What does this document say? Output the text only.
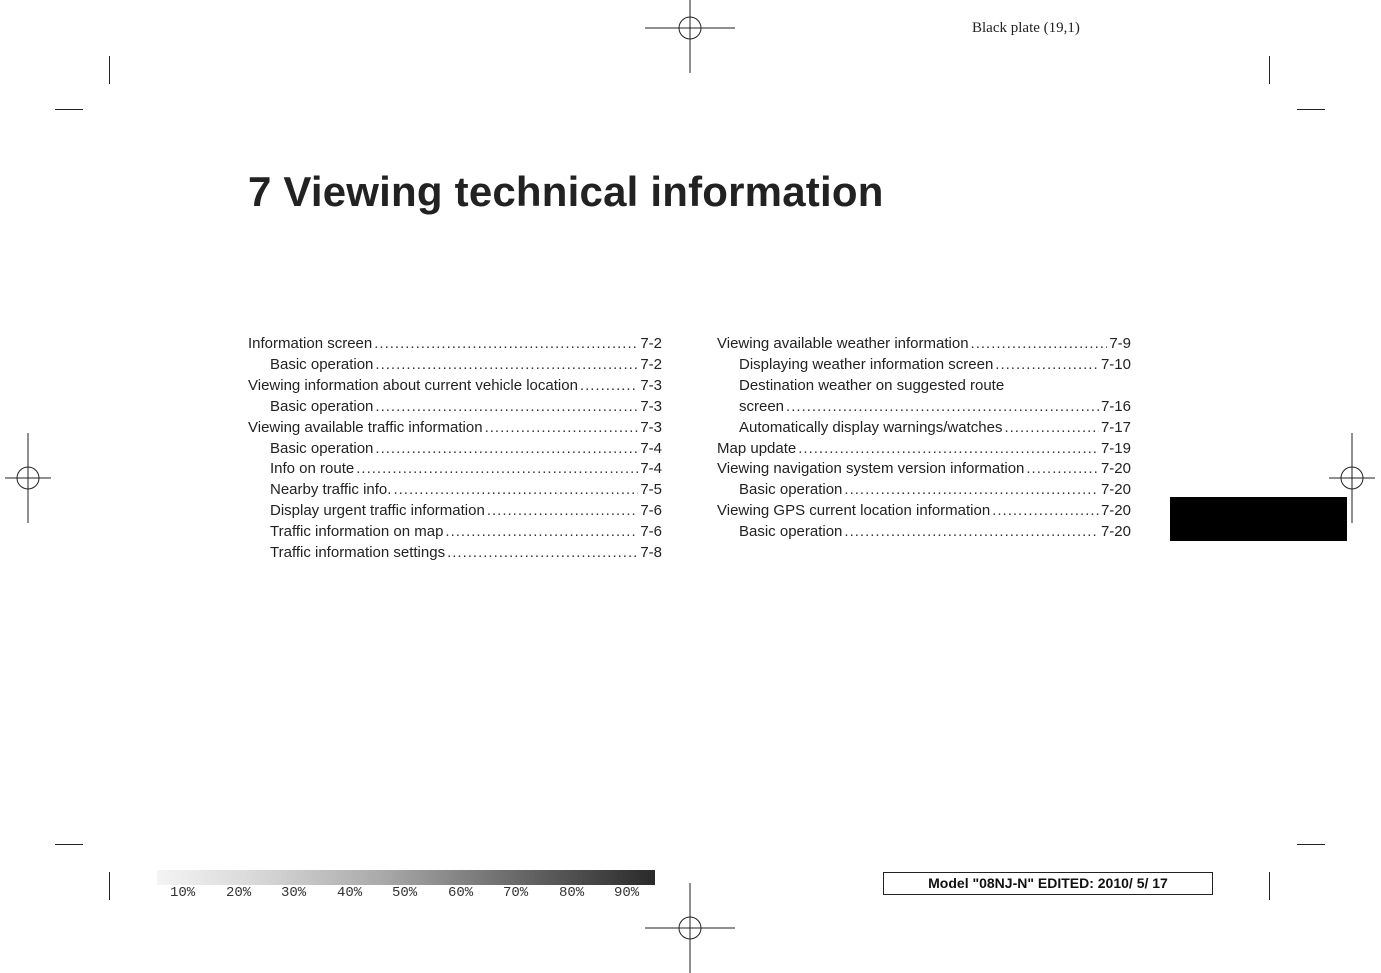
Black plate (19,1)
7 Viewing technical information
Information screen .....	7-2
Basic operation .....	7-2
Viewing information about current vehicle location .....	7-3
Basic operation .....	7-3
Viewing available traffic information .....	7-3
Basic operation .....	7-4
Info on route .....	7-4
Nearby traffic info. .....	7-5
Display urgent traffic information .....	7-6
Traffic information on map .....	7-6
Traffic information settings .....	7-8
Viewing available weather information .....	7-9
Displaying weather information screen .....	7-10
Destination weather on suggested route
screen .....	7-16
Automatically display warnings/watches .....	7-17
Map update .....	7-19
Viewing navigation system version information .....	7-20
Basic operation .....	7-20
Viewing GPS current location information .....	7-20
Basic operation .....	7-20
10% 20% 30% 40% 50% 60% 70% 80% 90%
Model "08NJ-N" EDITED: 2010/ 5/ 17
